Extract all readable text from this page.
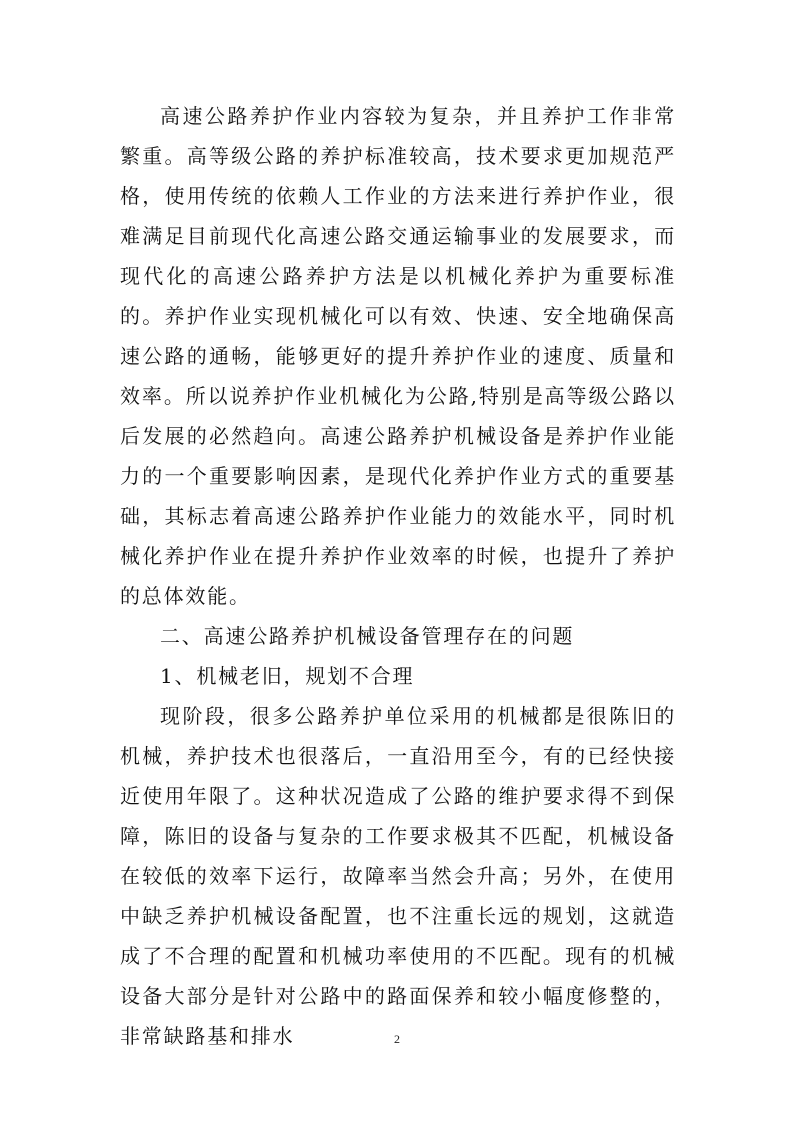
高速公路养护作业内容较为复杂，并且养护工作非常繁重。高等级公路的养护标准较高，技术要求更加规范严格，使用传统的依赖人工作业的方法来进行养护作业，很难满足目前现代化高速公路交通运输事业的发展要求，而现代化的高速公路养护方法是以机械化养护为重要标准的。养护作业实现机械化可以有效、快速、安全地确保高速公路的通畅，能够更好的提升养护作业的速度、质量和效率。所以说养护作业机械化为公路,特别是高等级公路以后发展的必然趋向。高速公路养护机械设备是养护作业能力的一个重要影响因素，是现代化养护作业方式的重要基础，其标志着高速公路养护作业能力的效能水平，同时机械化养护作业在提升养护作业效率的时候，也提升了养护的总体效能。

二、高速公路养护机械设备管理存在的问题

1、机械老旧，规划不合理

现阶段，很多公路养护单位采用的机械都是很陈旧的机械，养护技术也很落后，一直沿用至今，有的已经快接近使用年限了。这种状况造成了公路的维护要求得不到保障，陈旧的设备与复杂的工作要求极其不匹配，机械设备在较低的效率下运行，故障率当然会升高；另外，在使用中缺乏养护机械设备配置，也不注重长远的规划，这就造成了不合理的配置和机械功率使用的不匹配。现有的机械设备大部分是针对公路中的路面保养和较小幅度修整的，非常缺路基和排水	2
